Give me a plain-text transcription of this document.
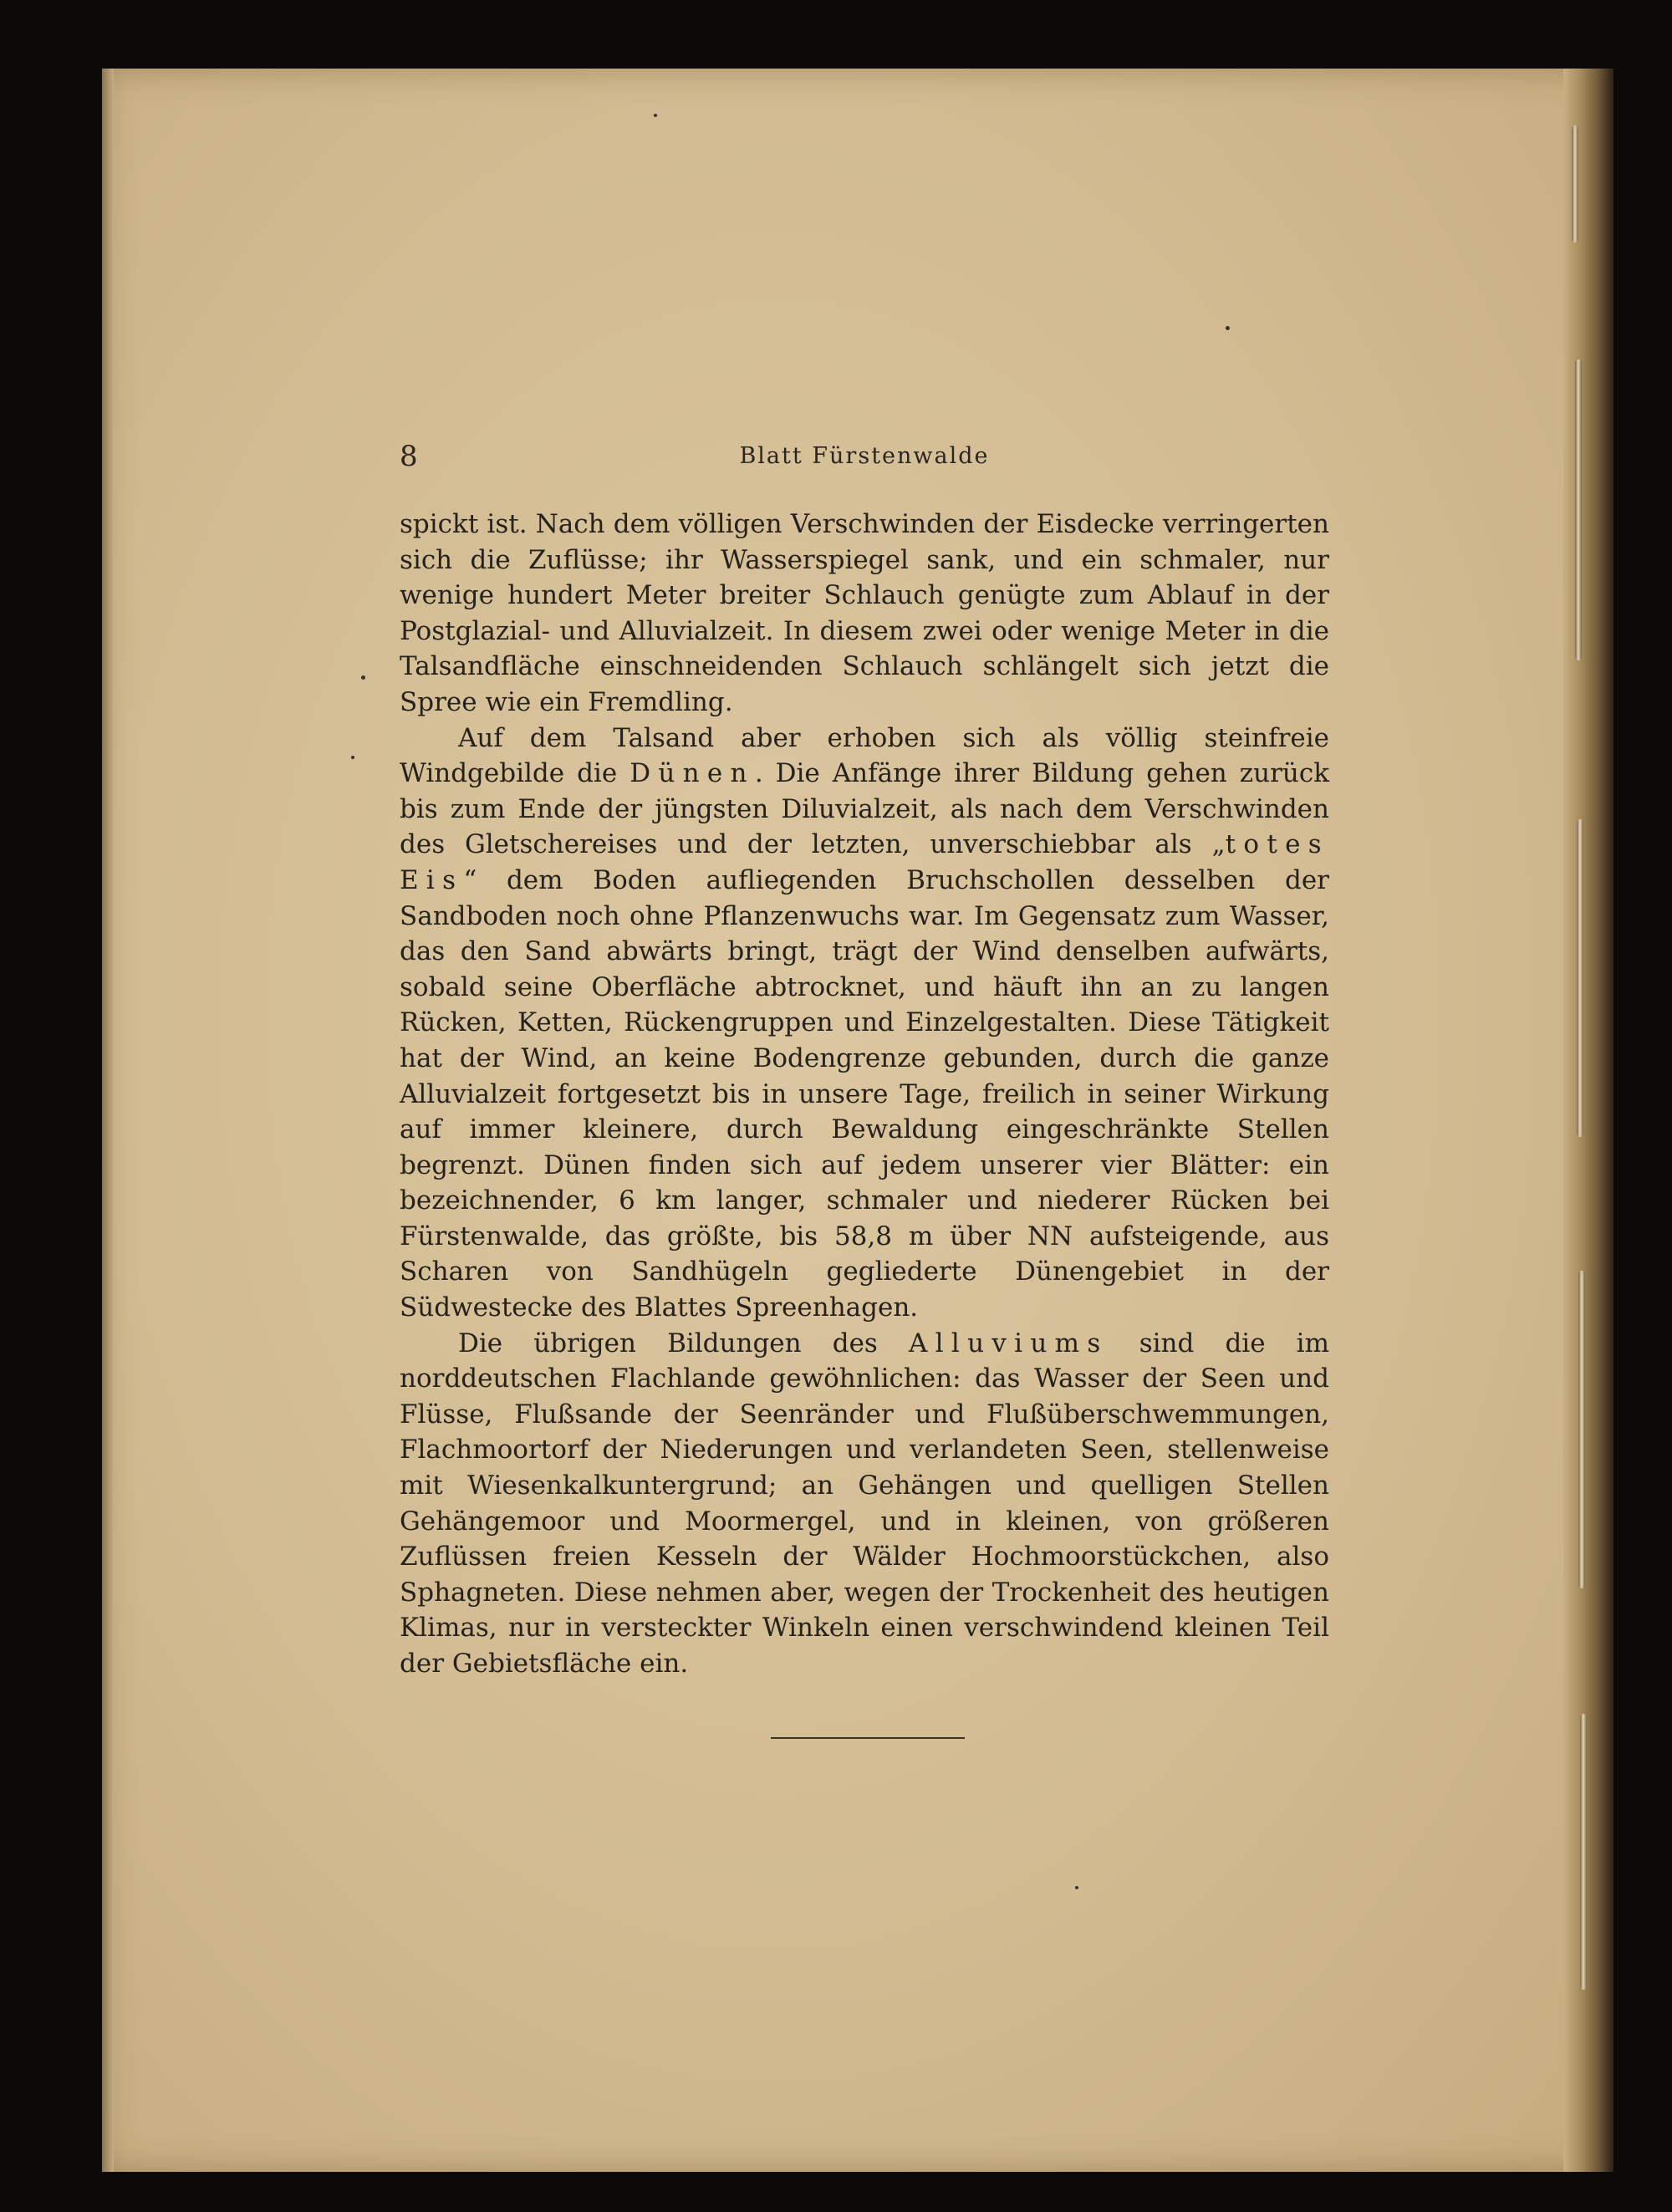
8	Blatt Fürstenwalde

spickt ist. Nach dem völligen Verschwinden der Eisdecke verringerten sich die Zuflüsse; ihr Wasserspiegel sank, und ein schmaler, nur wenige hundert Meter breiter Schlauch genügte zum Ablauf in der Postglazial- und Alluvialzeit. In diesem zwei oder wenige Meter in die Talsandfläche einschneidenden Schlauch schlängelt sich jetzt die Spree wie ein Fremdling.

Auf dem Talsand aber erhoben sich als völlig steinfreie Windgebilde die Dünen. Die Anfänge ihrer Bildung gehen zurück bis zum Ende der jüngsten Diluvialzeit, als nach dem Verschwinden des Gletschereises und der letzten, unverschiebbar als „totes Eis“ dem Boden aufliegenden Bruchschollen desselben der Sandboden noch ohne Pflanzenwuchs war. Im Gegensatz zum Wasser, das den Sand abwärts bringt, trägt der Wind denselben aufwärts, sobald seine Oberfläche abtrocknet, und häuft ihn an zu langen Rücken, Ketten, Rückengruppen und Einzelgestalten. Diese Tätigkeit hat der Wind, an keine Bodengrenze gebunden, durch die ganze Alluvialzeit fortgesetzt bis in unsere Tage, freilich in seiner Wirkung auf immer kleinere, durch Bewaldung eingeschränkte Stellen begrenzt. Dünen finden sich auf jedem unserer vier Blätter: ein bezeichnender, 6 km langer, schmaler und niederer Rücken bei Fürstenwalde, das größte, bis 58,8 m über NN aufsteigende, aus Scharen von Sandhügeln gegliederte Dünengebiet in der Südwestecke des Blattes Spreenhagen.

Die übrigen Bildungen des Alluviums sind die im norddeutschen Flachlande gewöhnlichen: das Wasser der Seen und Flüsse, Flußsande der Seenränder und Flußüberschwemmungen, Flachmoortorf der Niederungen und verlandeten Seen, stellenweise mit Wiesenkalkuntergrund; an Gehängen und quelligen Stellen Gehängemoor und Moormergel, und in kleinen, von größeren Zuflüssen freien Kesseln der Wälder Hochmoorstückchen, also Sphagneten. Diese nehmen aber, wegen der Trockenheit des heutigen Klimas, nur in versteckter Winkeln einen verschwindend kleinen Teil der Gebietsfläche ein.
